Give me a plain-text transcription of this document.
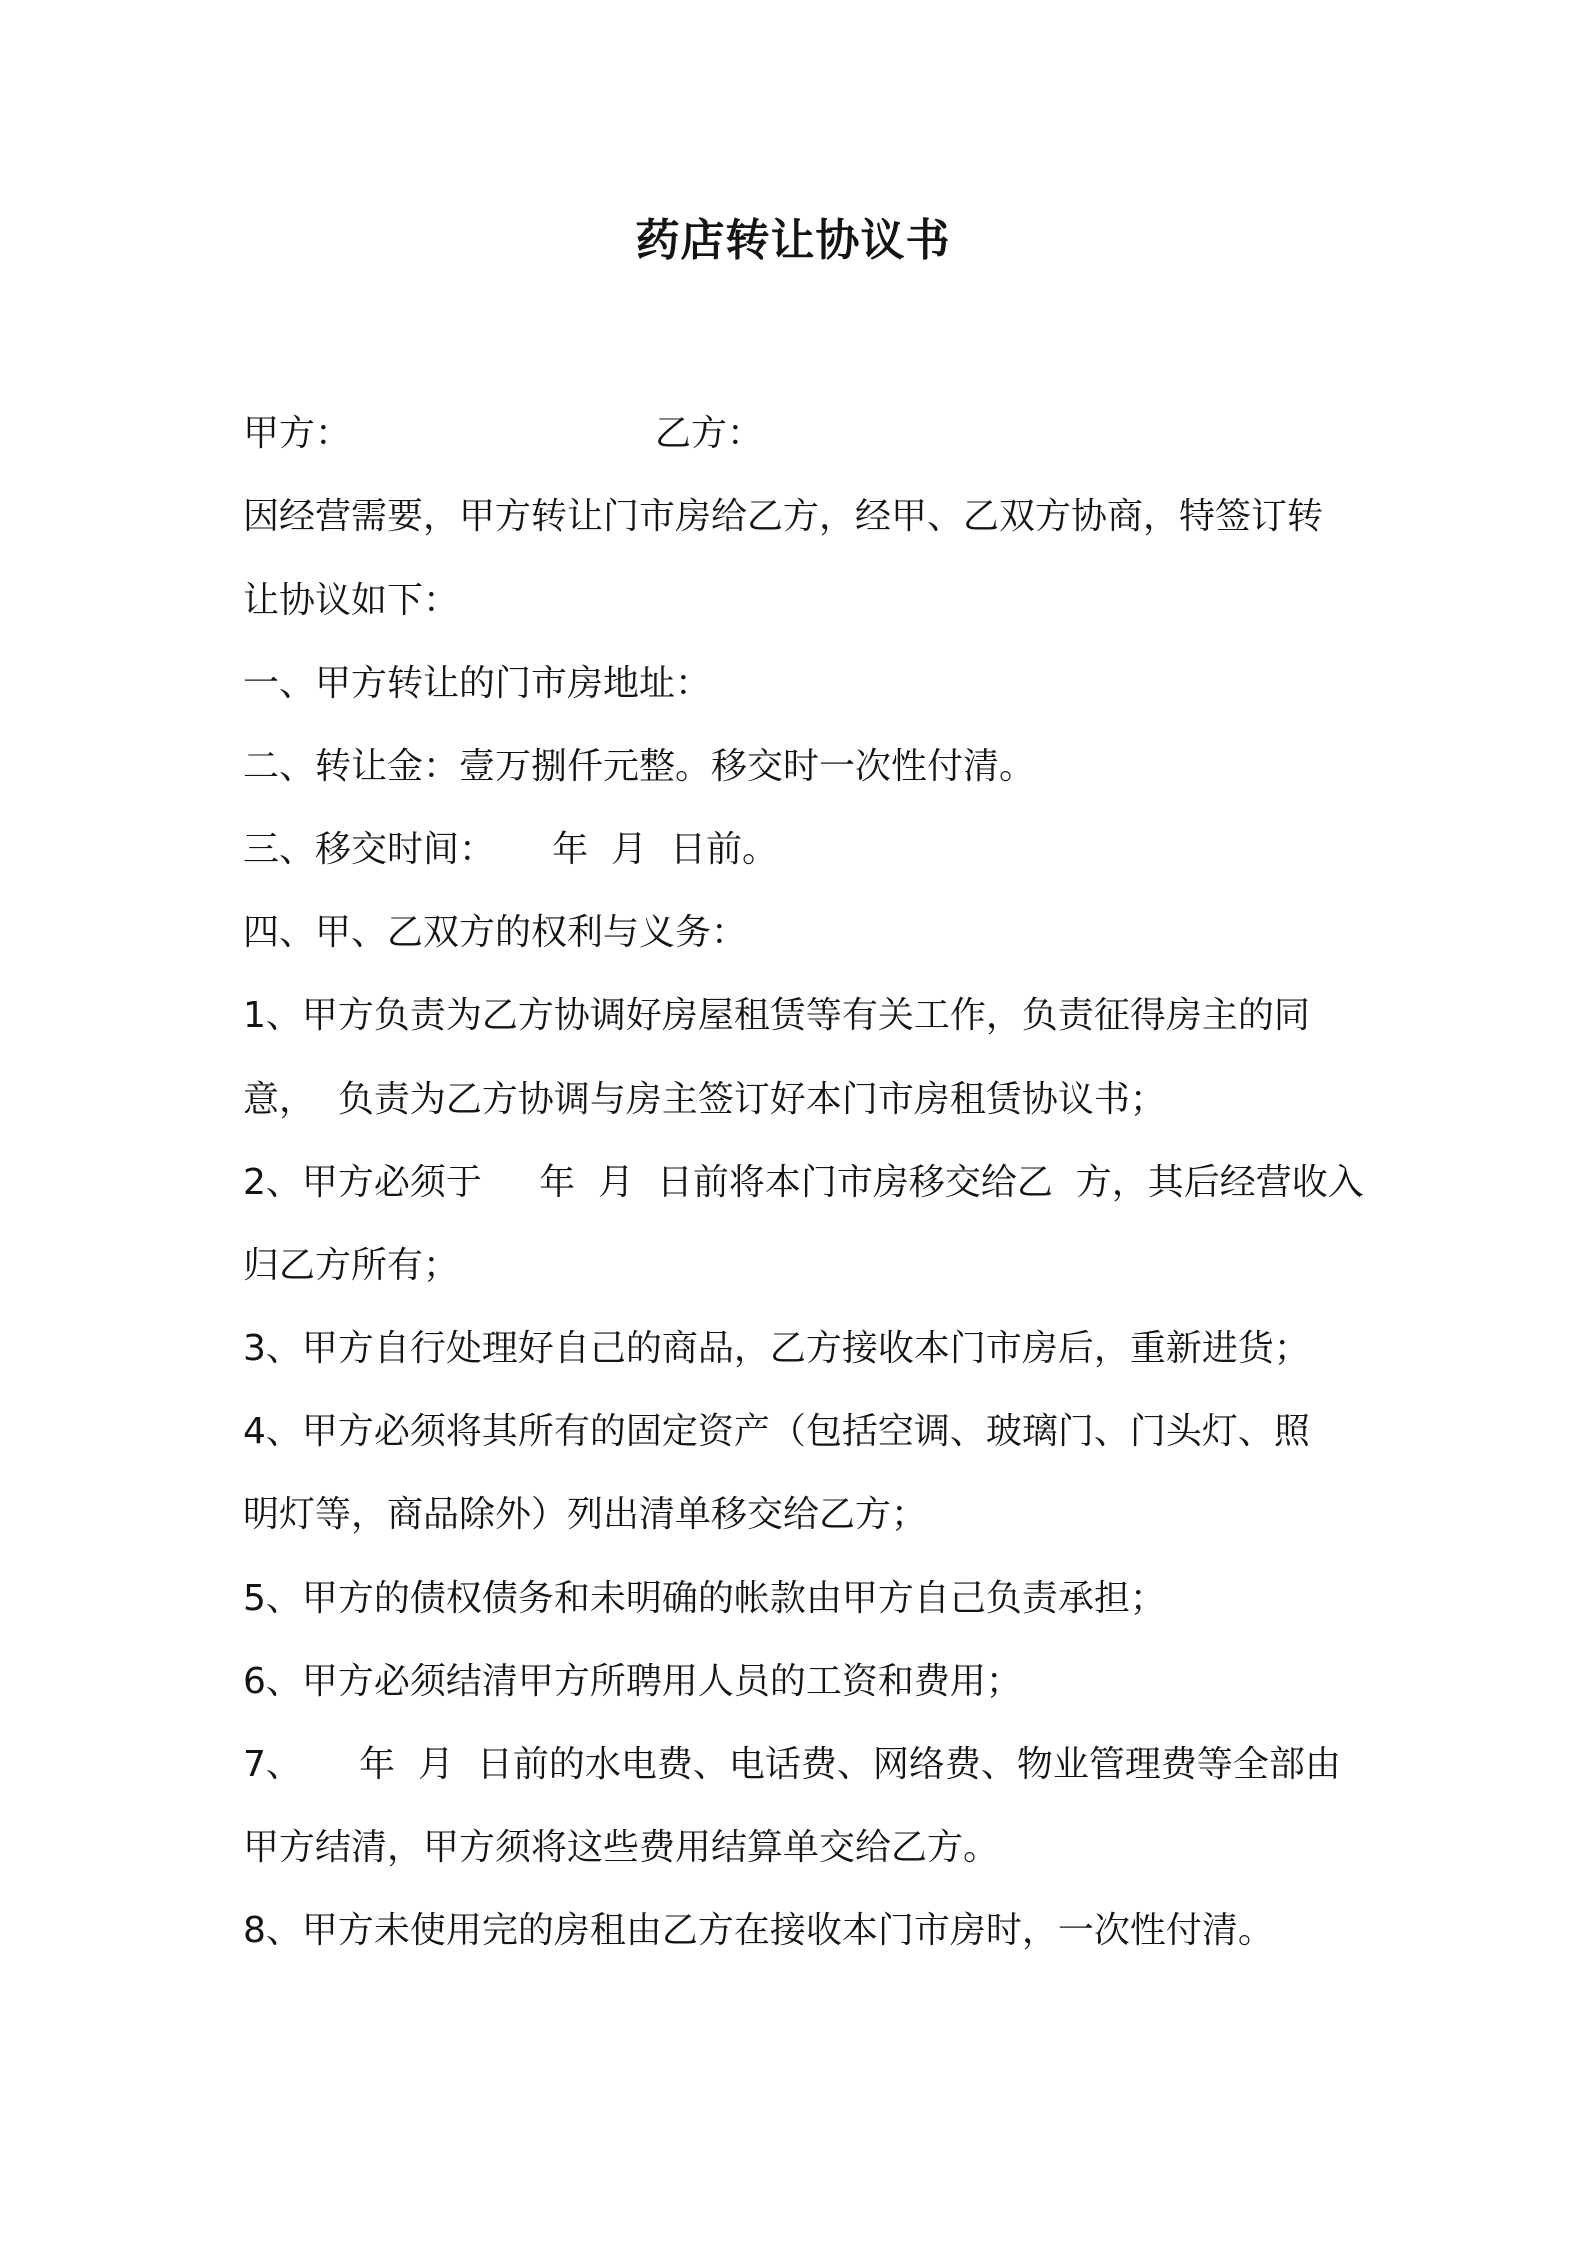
药店转让协议书
甲方：	乙方：
因经营需要，甲方转让门市房给乙方，经甲、乙双方协商，特签订转
让协议如下：
一、甲方转让的门市房地址：
二、转让金：壹万捌仟元整。移交时一次性付清。
三、移交时间：     年  月  日前。
四、甲、乙双方的权利与义务：
1、甲方负责为乙方协调好房屋租赁等有关工作，负责征得房主的同
意，  负责为乙方协调与房主签订好本门市房租赁协议书；
2、甲方必须于     年  月  日前将本门市房移交给乙  方，其后经营收入
归乙方所有；
3、甲方自行处理好自己的商品，乙方接收本门市房后，重新进货；
4、甲方必须将其所有的固定资产（包括空调、玻璃门、门头灯、照
明灯等，商品除外）列出清单移交给乙方；
5、甲方的债权债务和未明确的帐款由甲方自己负责承担；
6、甲方必须结清甲方所聘用人员的工资和费用；
7、     年  月  日前的水电费、电话费、网络费、物业管理费等全部由
甲方结清，甲方须将这些费用结算单交给乙方。
8、甲方未使用完的房租由乙方在接收本门市房时，一次性付清。
